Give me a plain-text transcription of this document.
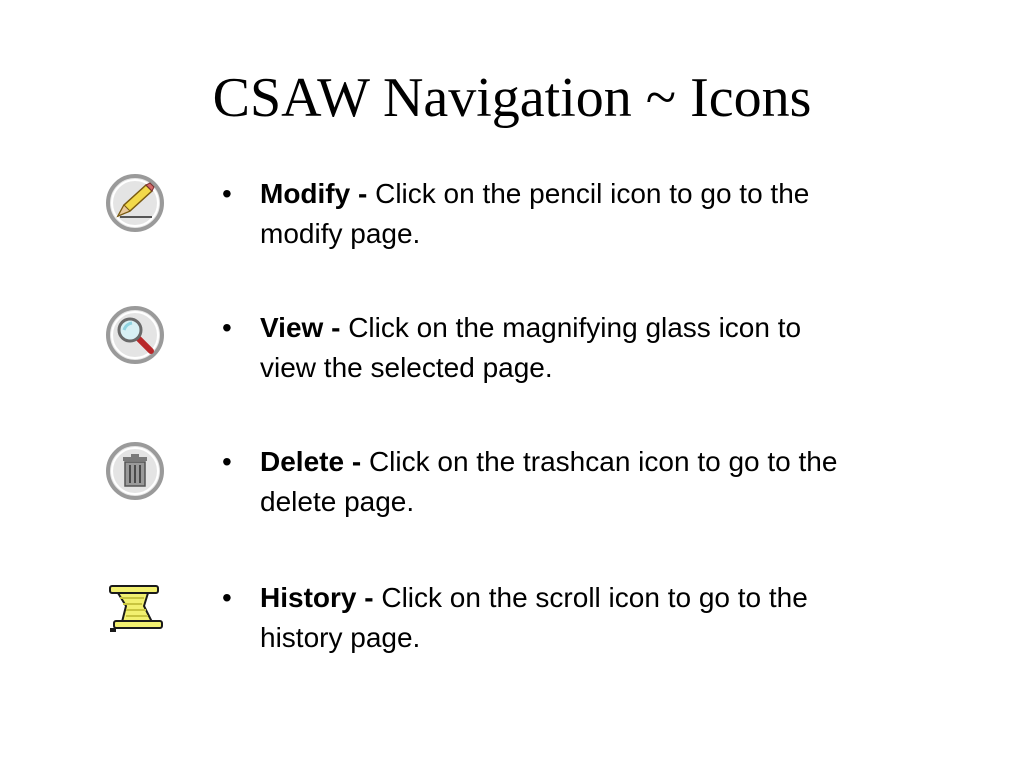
CSAW Navigation ~ Icons
•	Modify - Click on the pencil icon to go to the modify page.
•	View - Click on the magnifying glass icon to view the selected page.
•	Delete - Click on the trashcan icon to go to the delete page.
•	History - Click on the scroll icon to go to the history page.
